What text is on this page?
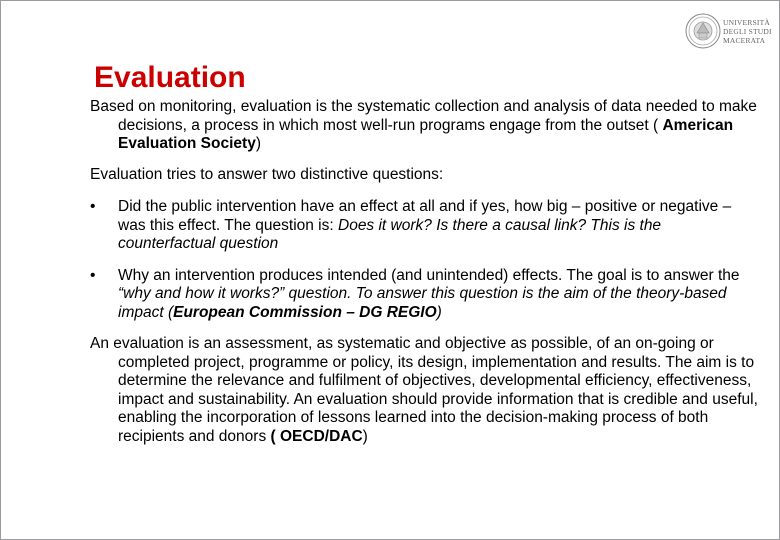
UNIVERSITÀ
DEGLI STUDI
MACERATA
Evaluation

Based on monitoring, evaluation is the systematic collection and analysis of data needed to make decisions, a process in which most well-run programs engage from the outset ( American Evaluation Society)

Evaluation tries to answer two distinctive questions:

•	Did the public intervention have an effect at all and if yes, how big – positive or negative – was this effect. The question is: Does it work? Is there a causal link? This is the counterfactual question
•	Why an intervention produces intended (and unintended) effects. The goal is to answer the “why and how it works?” question. To answer this question is the aim of the theory-based impact (European Commission – DG REGIO)

An evaluation is an assessment, as systematic and objective as possible, of an on-going or completed project, programme or policy, its design, implementation and results. The aim is to determine the relevance and fulfilment of objectives, developmental efficiency, effectiveness, impact and sustainability. An evaluation should provide information that is credible and useful, enabling the incorporation of lessons learned into the decision-making process of both recipients and donors ( OECD/DAC)
